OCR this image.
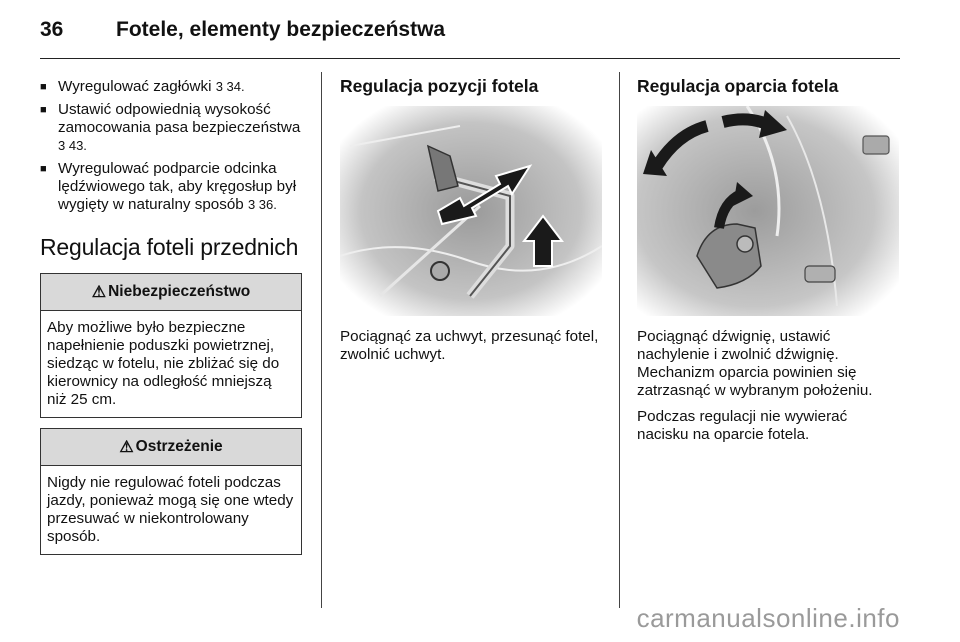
36	Fotele, elementy bezpieczeństwa
■ Wyregulować zagłówki 3 34.
■ Ustawić odpowiednią wysokość zamocowania pasa bezpieczeństwa 3 43.
■ Wyregulować podparcie odcinka lędźwiowego tak, aby kręgosłup był wygięty w naturalny sposób 3 36.
Regulacja foteli przednich
⚠ Niebezpieczeństwo
Aby możliwe było bezpieczne napełnienie poduszki powietrznej, siedząc w fotelu, nie zbliżać się do kierownicy na odległość mniejszą niż 25 cm.
⚠ Ostrzeżenie
Nigdy nie regulować foteli podczas jazdy, ponieważ mogą się one wtedy przesuwać w niekontrolowany sposób.
Regulacja pozycji fotela
Pociągnąć za uchwyt, przesunąć fotel, zwolnić uchwyt.
Regulacja oparcia fotela

Pociągnąć dźwignię, ustawić nachylenie i zwolnić dźwignię. Mechanizm oparcia powinien się zatrzasnąć w wybranym położeniu.

Podczas regulacji nie wywierać nacisku na oparcie fotela.

carmanualsonline.info
